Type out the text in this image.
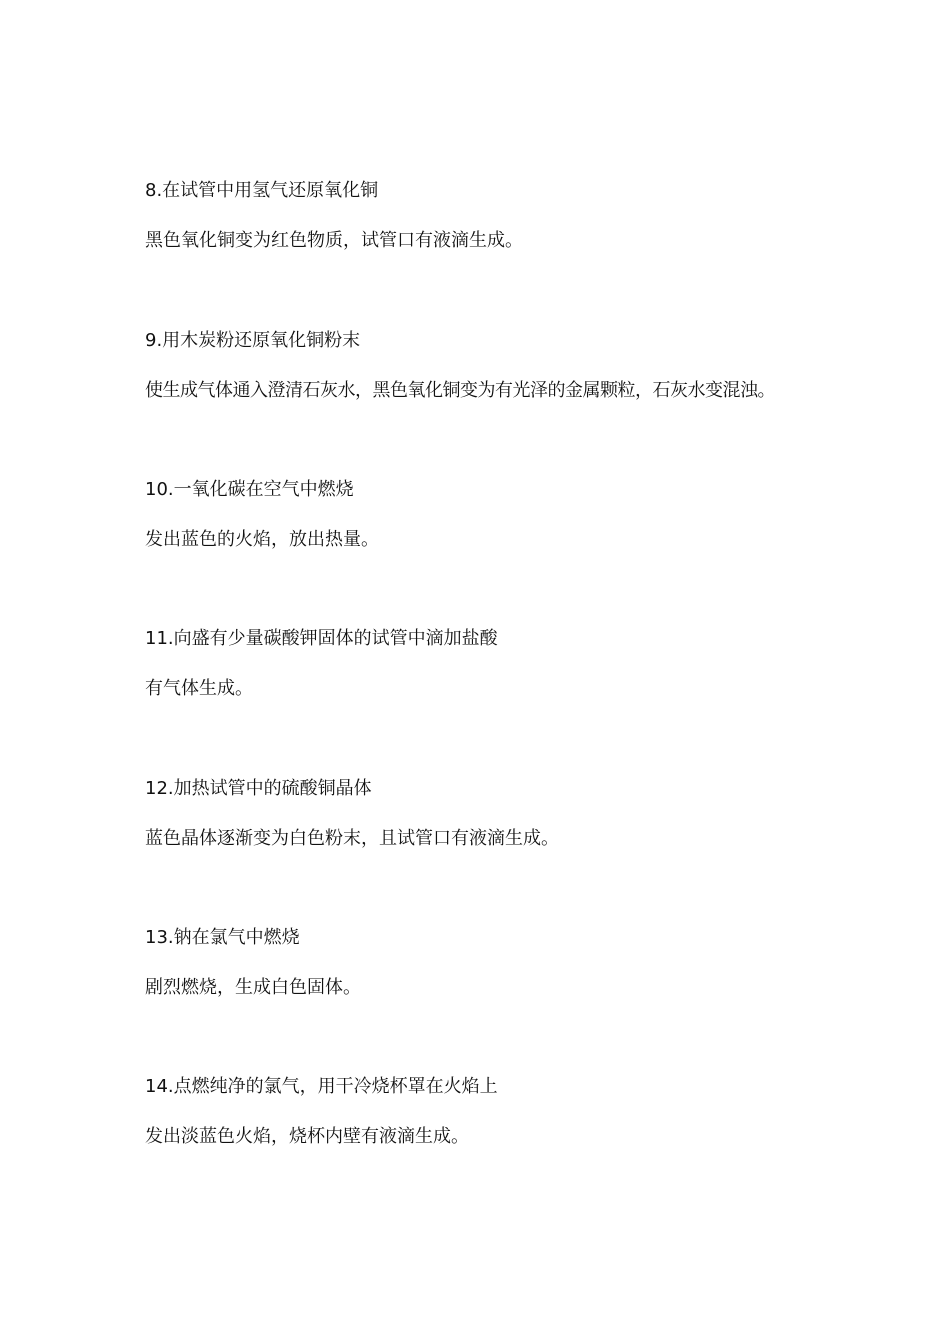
8.在试管中用氢气还原氧化铜
黑色氧化铜变为红色物质，试管口有液滴生成。
9.用木炭粉还原氧化铜粉末
使生成气体通入澄清石灰水，黑色氧化铜变为有光泽的金属颗粒，石灰水变混浊。
10.一氧化碳在空气中燃烧
发出蓝色的火焰，放出热量。
11.向盛有少量碳酸钾固体的试管中滴加盐酸
有气体生成。
12.加热试管中的硫酸铜晶体
蓝色晶体逐渐变为白色粉末，且试管口有液滴生成。
13.钠在氯气中燃烧
剧烈燃烧，生成白色固体。
14.点燃纯净的氯气，用干冷烧杯罩在火焰上
发出淡蓝色火焰，烧杯内壁有液滴生成。
